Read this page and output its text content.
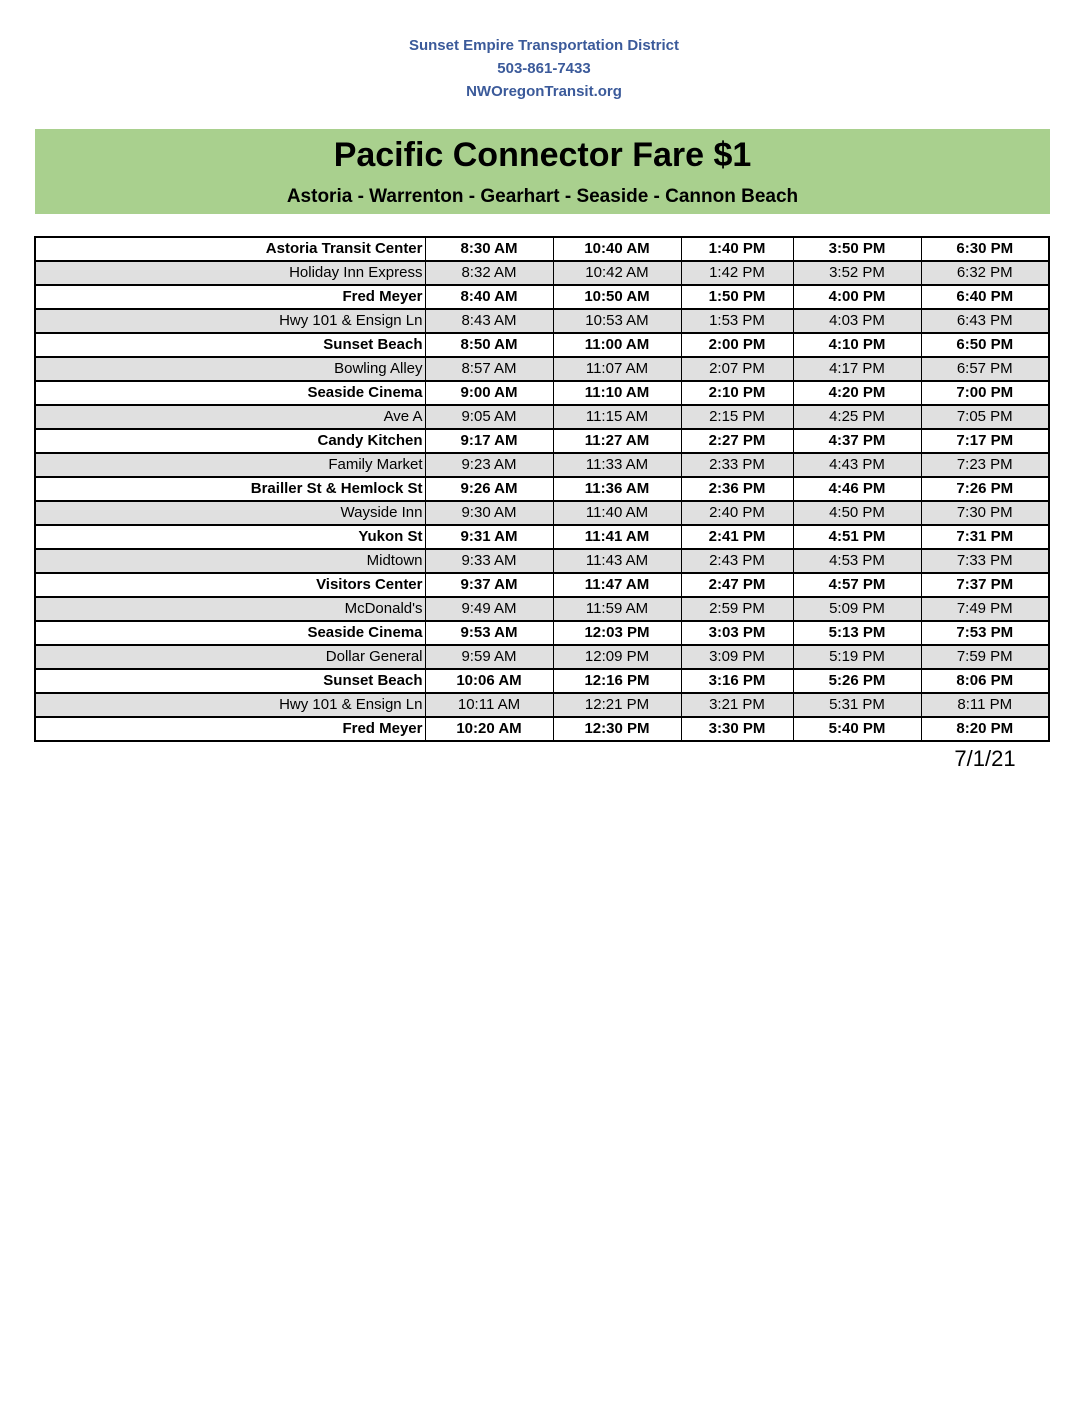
Sunset Empire Transportation District
503-861-7433
NWOregonTransit.org
Pacific Connector Fare $1
Astoria - Warrenton - Gearhart - Seaside - Cannon Beach
Astoria Transit Center	8:30 AM	10:40 AM	1:40 PM	3:50 PM	6:30 PM
Holiday Inn Express	8:32 AM	10:42 AM	1:42 PM	3:52 PM	6:32 PM
Fred Meyer	8:40 AM	10:50 AM	1:50 PM	4:00 PM	6:40 PM
Hwy 101 & Ensign Ln	8:43 AM	10:53 AM	1:53 PM	4:03 PM	6:43 PM
Sunset Beach	8:50 AM	11:00 AM	2:00 PM	4:10 PM	6:50 PM
Bowling Alley	8:57 AM	11:07 AM	2:07 PM	4:17 PM	6:57 PM
Seaside Cinema	9:00 AM	11:10 AM	2:10 PM	4:20 PM	7:00 PM
Ave A	9:05 AM	11:15 AM	2:15 PM	4:25 PM	7:05 PM
Candy Kitchen	9:17 AM	11:27 AM	2:27 PM	4:37 PM	7:17 PM
Family Market	9:23 AM	11:33 AM	2:33 PM	4:43 PM	7:23 PM
Brailler St & Hemlock St	9:26 AM	11:36 AM	2:36 PM	4:46 PM	7:26 PM
Wayside Inn	9:30 AM	11:40 AM	2:40 PM	4:50 PM	7:30 PM
Yukon St	9:31 AM	11:41 AM	2:41 PM	4:51 PM	7:31 PM
Midtown	9:33 AM	11:43 AM	2:43 PM	4:53 PM	7:33 PM
Visitors Center	9:37 AM	11:47 AM	2:47 PM	4:57 PM	7:37 PM
McDonald's	9:49 AM	11:59 AM	2:59 PM	5:09 PM	7:49 PM
Seaside Cinema	9:53 AM	12:03 PM	3:03 PM	5:13 PM	7:53 PM
Dollar General	9:59 AM	12:09 PM	3:09 PM	5:19 PM	7:59 PM
Sunset Beach	10:06 AM	12:16 PM	3:16 PM	5:26 PM	8:06 PM
Hwy 101 & Ensign Ln	10:11 AM	12:21 PM	3:21 PM	5:31 PM	8:11 PM
Fred Meyer	10:20 AM	12:30 PM	3:30 PM	5:40 PM	8:20 PM
7/1/21
